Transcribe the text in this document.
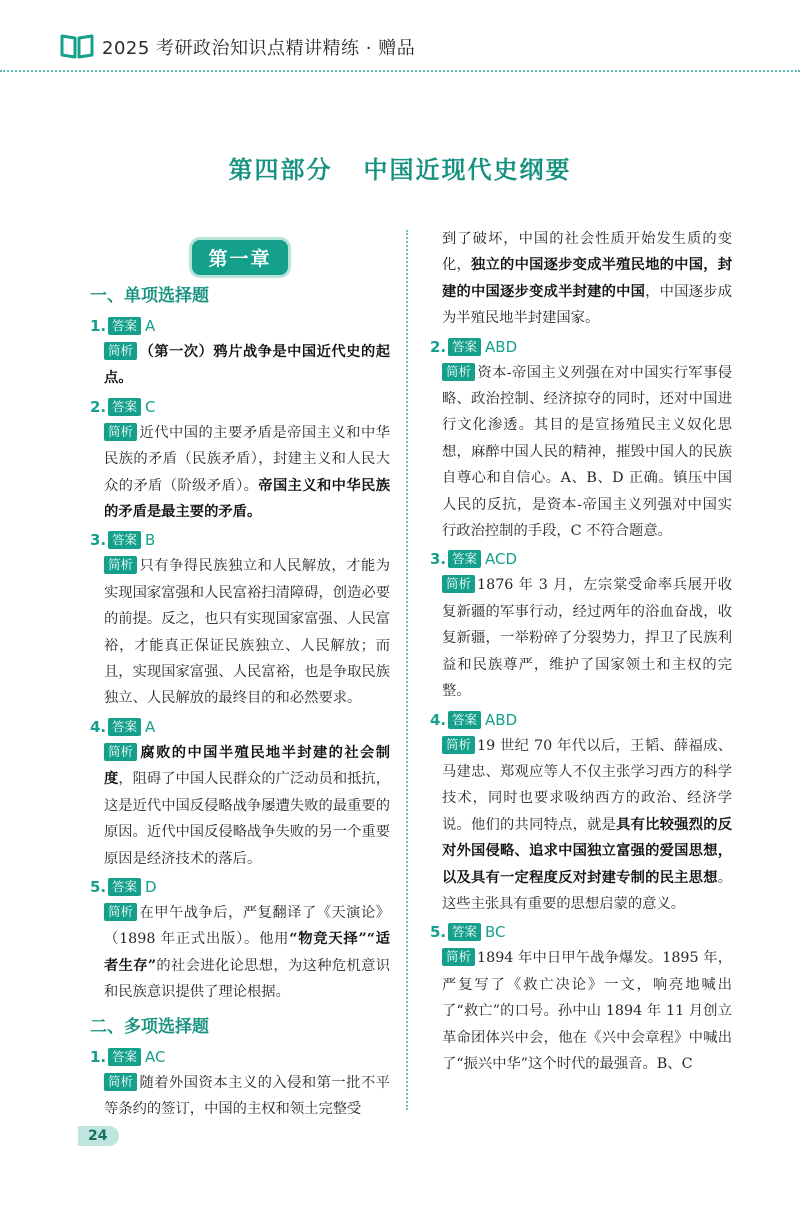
2025 考研政治知识点精讲精练 · 赠品
第四部分   中国近现代史纲要
第一章
一、单项选择题
1. 答案 A
简析 （第一次）鸦片战争是中国近代史的起点。
2. 答案 C
简析 近代中国的主要矛盾是帝国主义和中华民族的矛盾（民族矛盾），封建主义和人民大众的矛盾（阶级矛盾）。帝国主义和中华民族的矛盾是最主要的矛盾。
3. 答案 B
简析 只有争得民族独立和人民解放，才能为实现国家富强和人民富裕扫清障碍，创造必要的前提。反之，也只有实现国家富强、人民富裕，才能真正保证民族独立、人民解放；而且，实现国家富强、人民富裕，也是争取民族独立、人民解放的最终目的和必然要求。
4. 答案 A
简析 腐败的中国半殖民地半封建的社会制度，阻碍了中国人民群众的广泛动员和抵抗，这是近代中国反侵略战争屡遭失败的最重要的原因。近代中国反侵略战争失败的另一个重要原因是经济技术的落后。
5. 答案 D
简析 在甲午战争后，严复翻译了《天演论》（1898 年正式出版）。他用“物竞天择”“适者生存”的社会进化论思想，为这种危机意识和民族意识提供了理论根据。
二、多项选择题
1. 答案 AC
简析 随着外国资本主义的入侵和第一批不平等条约的签订，中国的主权和领土完整受
到了破坏，中国的社会性质开始发生质的变化，独立的中国逐步变成半殖民地的中国，封建的中国逐步变成半封建的中国，中国逐步成为半殖民地半封建国家。
2. 答案 ABD
简析 资本-帝国主义列强在对中国实行军事侵略、政治控制、经济掠夺的同时，还对中国进行文化渗透。其目的是宣扬殖民主义奴化思想，麻醉中国人民的精神，摧毁中国人的民族自尊心和自信心。A、B、D 正确。镇压中国人民的反抗，是资本-帝国主义列强对中国实行政治控制的手段，C 不符合题意。
3. 答案 ACD
简析 1876 年 3 月，左宗棠受命率兵展开收复新疆的军事行动，经过两年的浴血奋战，收复新疆，一举粉碎了分裂势力，捍卫了民族利益和民族尊严，维护了国家领土和主权的完整。
4. 答案 ABD
简析 19 世纪 70 年代以后，王韬、薛福成、马建忠、郑观应等人不仅主张学习西方的科学技术，同时也要求吸纳西方的政治、经济学说。他们的共同特点，就是具有比较强烈的反对外国侵略、追求中国独立富强的爱国思想，以及具有一定程度反对封建专制的民主思想。这些主张具有重要的思想启蒙的意义。
5. 答案 BC
简析 1894 年中日甲午战争爆发。1895 年，严复写了《救亡决论》一文，响亮地喊出了“救亡”的口号。孙中山 1894 年 11 月创立革命团体兴中会，他在《兴中会章程》中喊出了“振兴中华”这个时代的最强音。B、C
24
